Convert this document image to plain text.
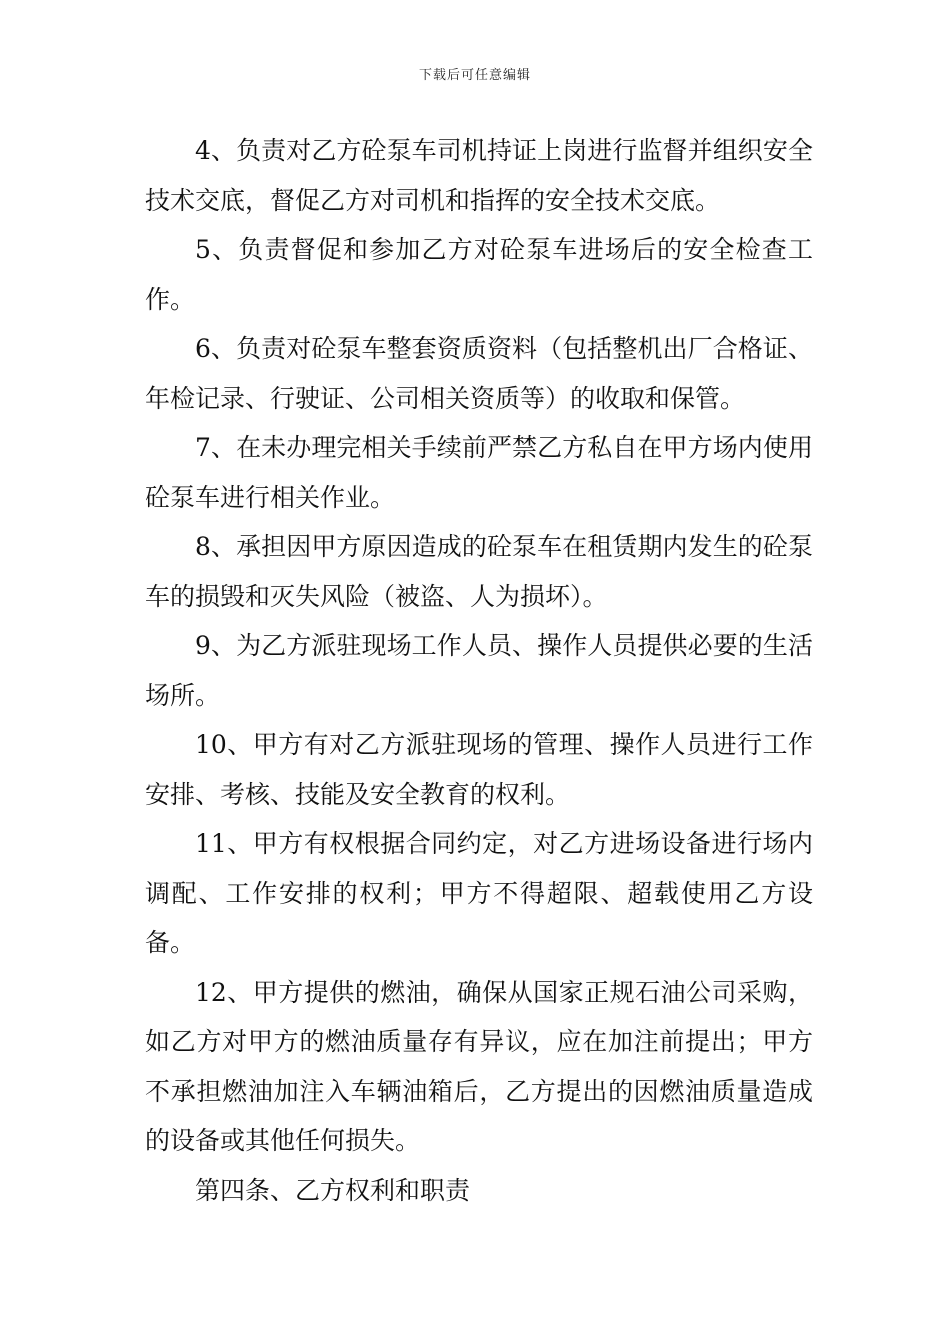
下载后可任意编辑

4、负责对乙方砼泵车司机持证上岗进行监督并组织安全技术交底，督促乙方对司机和指挥的安全技术交底。

5、负责督促和参加乙方对砼泵车进场后的安全检查工作。

6、负责对砼泵车整套资质资料（包括整机出厂合格证、年检记录、行驶证、公司相关资质等）的收取和保管。

7、在未办理完相关手续前严禁乙方私自在甲方场内使用砼泵车进行相关作业。

8、承担因甲方原因造成的砼泵车在租赁期内发生的砼泵车的损毁和灭失风险（被盗、人为损坏）。

9、为乙方派驻现场工作人员、操作人员提供必要的生活场所。

10、甲方有对乙方派驻现场的管理、操作人员进行工作安排、考核、技能及安全教育的权利。

11、甲方有权根据合同约定，对乙方进场设备进行场内调配、工作安排的权利；甲方不得超限、超载使用乙方设备。

12、甲方提供的燃油，确保从国家正规石油公司采购，如乙方对甲方的燃油质量存有异议，应在加注前提出；甲方不承担燃油加注入车辆油箱后，乙方提出的因燃油质量造成的设备或其他任何损失。

第四条、乙方权利和职责
